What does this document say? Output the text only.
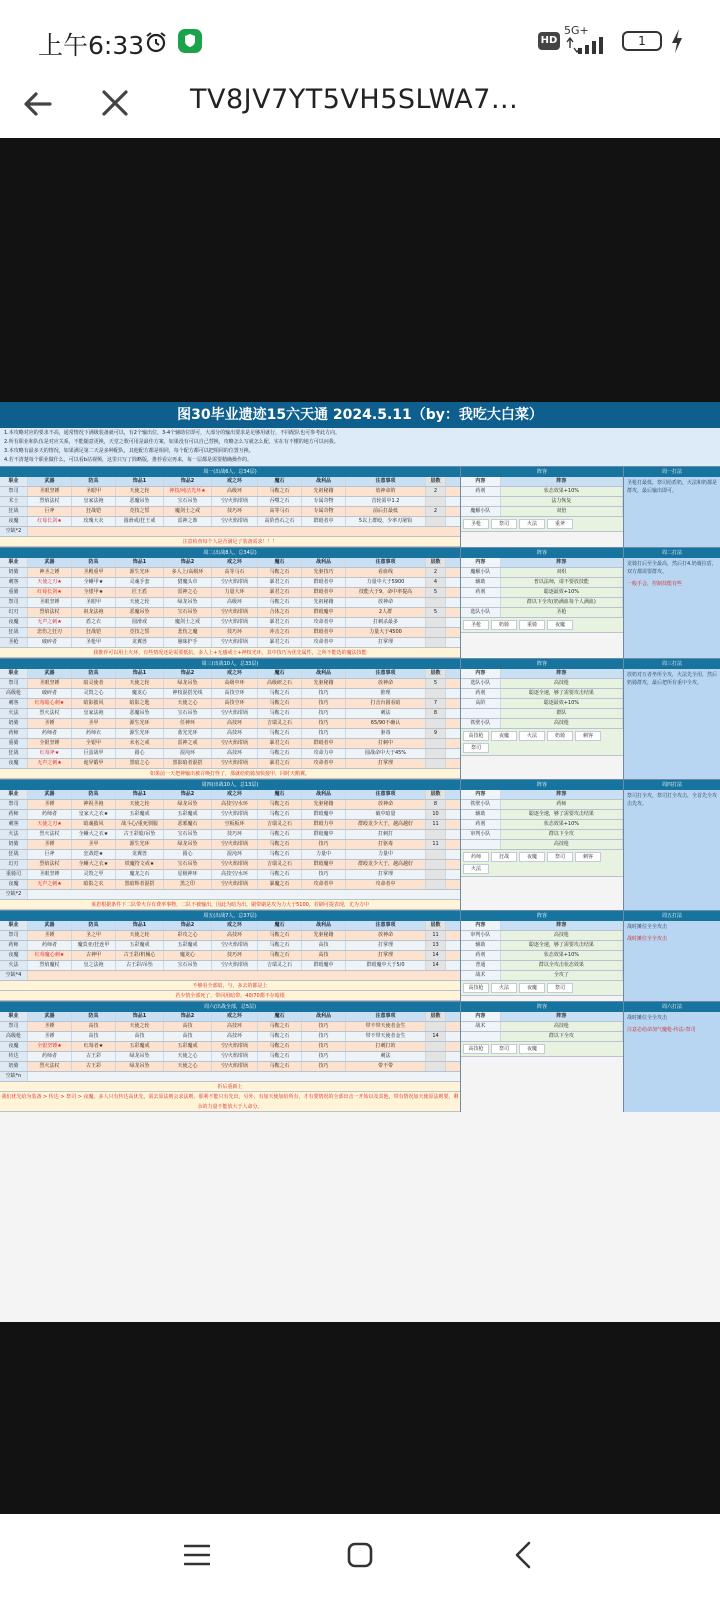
上午6:33	HD
5G+
1
TV8JV7YT5VH5SLWA7...
图30毕业遗迹15六天通 2024.5.11（by：我吃大白菜）
1.本攻略对应的要求不高，通常情况下满级装备就可以，有2个输出位，3-4个辅助位即可，大部分的输出要求是足够用就行，不同配队也可参考此方向。
2.所有职业和队伍是对应关系，不能随意更换，天堂之歌可用是最佳方案，如果没有可以自己替换，攻略怎么写就怎么配，实在有不懂的地方可以问我。
3.本攻略有最多天的情况，如果满足第二天是多种配队，其他配方都是相同，每个配方都可以把相同的位置互换。
4.若不清楚每个职业做什么，可以看b站视频，这里只写了简略版，推荐看完再来，每一层都是需要精确操作的。
周一(出战6人，总34层)
职业	武器	防具	饰品1	饰品2	戒之环	魔石	战利品	注意事项	层数
祭司	圣眼坚锤	圣眼甲	天使之轮	神枝/纯洁光环★	高级环	马鞍之石	先祖秘籍	放神命的	2
术士	烈焰法杖	皇家法袍	恶魔吊坠	宝石吊坠	空/火焰坩埚	吞噬之石	专属奇物	首轮需中1.2
狂战	巨斧	狂战铠	竞技之誓	魔剑士之戒	技巧环	高等马石	专属奇物	前后打最低	2
夜魔	红莓长剑★	玫瑰大衣	圆滑戒/狂王戒	雷神之饰	空/火焰坩埚	高阶兽石之石	群殴者中	5以上群殴，少率刃屠钩
空缺*2
注意检查每个人是否满足了装备需求！！！
阵容
内容	阵容
药剂	状态效果+10%
法力恢复
魔解小队	双倍
圣枪	祭司	火法	重斧
周一打法
圣枪打最低，祭司给盾奶，火法和奶都是群攻，最后输出即可。
周二(出战8人，总34层)
职业	武器	防具	饰品1	饰品2	戒之环	魔石	战利品	注意事项	层数
奶骑	神圣之锤	圣殿重甲	源生光环	多人上/高级环	高等马石	马鞍之石	先驱技巧	看血线	2
刺客	天使之刃★	全蜥甲★	灵魂手套	猎魔头巾	空/火焰坩埚	暴君之石	群殴者中	力量中大于5900	4
重骑	红莓长剑★	全银甲★	匠王盾	雷神之心	力量大环	暴君之石	群殴者中	技能大于9，命中率提高	5
祭司	圣眼坚锤	圣眼甲	天使之轮	绿龙吊坠	高级环	马鞍之石	先祖秘籍	放神命
幻刃	烈焰法杖	祖龙法袍	恶魔吊坠	宝石吊坠	空/火焰坩埚	合体之石	群殴魔中	2人群	5
夜魔	无声之刺★	盾之衣	圆滑戒	魔剑士之戒	空/火焰坩埚	暴君之石	攻命者中	打刺杀最多
狂战	悲伤之狂刃	狂战铠	竞技之誓	悲伤之魔	技巧环	冲击之石	群殴者中	力量大于4500
圣枪	破碎者	圣枪甲	龙翼兽	愚昧护手	空/火焰坩埚	暴君之石	攻命者中	打掌理
我推荐可以用上火环，有些情况还是需要抵抗，多人上+无感戒士+神枝光环，其中技巧为优先属性，之所不能选的魔法技能
阵容
内容	阵容
魔解小队	双组
辅助	普以法师，请不要放技能
药剂	聪逐最效+10%
群以下全攻(奶满血每个人满血)
选队小队	圣枪
圣枪	奶骑	重骑	夜魔
周二打法
龙骑打后至全最高，然后打4.奶骑拉盾，双方都需要群攻。
一般手会，控制技能有些
周三(出战10人，总33层)
职业	武器	防具	饰品1	饰品2	戒之环	魔石	战利品	注意事项	层数
祭司	圣眼坚锤	暗灵使者	天使之轮	绿龙吊坠	高级中环	高级研之石	先驱秘籍	放神命	5
高级枪	破碎者	灵毁之心	魔龙心	神枝混搭光线	高技空环	马鞍之石	技巧	推理
刺客	红莓暗心刺★	暗影披风	暗影之匙	天使之心	高技空环	马鞍之石	技巧	打击台圆看暗	7
火法	烈火法杖	皇家法袍	恶魔吊坠	宝石吊坠	空/火焰坩埚	马鞍之石	技巧	刺法	8
奶骑	圣锤	圣甲	源生光环	任神环	高技环	吉瑞灵之石	技巧	65/90不确认
药师	药师者	药师衣	源生光环	蓝光光环	高技环	马鞍之石	技巧	驱毒	9
重骑	全银坚锤	全银甲	未名之戒	雷神之戒	空/火焰坩埚	暴君之石	群殴者中	打刺中
狂战	红莓斧★	巨蛋战甲	圆心	混沌环	高技环	马鞍之石	攻命力中	圆战命中大于45%
夜魔	无声之刺★	诡异锻甲	黑暗之心	黑影暗者混搭	空/火焰坩埚	暴君之石	攻命者中	打掌理
如果前一天把神输出被召唤打怪了，那就给奶骑加快接甲，同时天鹅翼。
阵容
内容	阵容
选队小队	高技枪
药剂	聪逐全速，够了需要攻击结果
高阶	聪逐最效+10%
群队
铁壁小队	高技枪
高技枪	夜魔	火法	奶骑	刺客
祭司
周三打法
放奶对万者坐所全攻，火法先全用，然后奶骑群攻，最后把所有重中全攻。
周四(出战10人，总13层)
职业	武器	防具	饰品1	饰品2	戒之环	魔石	战利品	注意事项	层数
祭司	圣锤	神祝圣袍	天使之轮	绿龙吊坠	高技空/水环	马鞍之石	先驱秘籍	放神命	8
药师	药师者	皇家大之衣★	五彩魔戒	五彩魔戒	空/火焰坩埚	马鞍之石	群殴魔中	破中暗量	10
刺客	天使之刃★	暗魂披风	战斗心/重死驯服	恶邪魔石	空板板环	吉瑞灵之石	群殴力中	群殴龙少大于，越高越好	11
火法	烈火法杖	全蜥大之衣★	古王彩暗/吊坠	宝石吊坠	技巧环	马鞍之石	群殴魔中	打刺打
奶骑	圣锤	圣甲	源生光环	绿龙吊坠	空/火焰坩埚	马鞍之石	技巧	打驱毒	11
狂战	巨斧	狂战铠★	龙翼兽	圆心	混沌环	马鞍之石	力量中	力量中
幻刃	烈焰法杖	全蜥大之衣★	铁魔符文戒★	宝石吊坠	空/火焰坩埚	吉瑞灵之石	群殴魔中	群殴龙少大于，越高越好
重骑司	圣眼坚锤	灵毁之甲	魔龙之石	星极神环	高技空/水环	马鞍之石	技巧	打掌理
夜魔	无声之刺★	暗影之衣	黑暗辉者混搭	黑之印	空/火焰坩埚	暴魔之石	攻命者中	攻命者中
空缺*2
莱恩根据条件下二队带火存有费率事物，二队不被输出，因此为暗为出，刷带刷是攻为力大于5100，若刷可提表现，尤为力中
阵容
内容	阵容
铁壁小队	药师
辅助	聪逐全速，够了需要攻击结果
药剂	状态效果+10%
审判小队	群以下全攻
高技枪
药师	狂战	夜魔	祭司	刺客
火法
周四打法
祭司打全攻，祭司打全攻击，全首先全攻击先攻。
周五(出战7人，总37层)
职业	武器	防具	饰品1	饰品2	戒之环	魔石	战利品	注意事项	层数
祭司	圣锤	圣之甲	天使之轮	彩攻之心	高技环	马鞍之石	先驱秘籍	放神命	11
药师	药师者	魔莫亚/狂连甲	五彩魔戒	五彩魔戒	空/火焰坩埚	马鞍之石	高技	打掌理	13
夜魔	红莓魔心刺★	古神甲	古王彩/机械心	魔龙心	技巧环	马鞍之石	高技	打掌理	14
火法	烈焰魔杖	皇之法袍	古王彩/吊坠	宝石吊坠	空/火焰坩埚	吉瑞灵之石	群殴魔中	群殴魔中大于5/0	14
空缺*4
不够看全部暗，与，多去的都是上
若少情全部死了，带同用暗带，40/70都不存暗根
阵容
内容	阵容
审判小队	高技枪
辅助	聪逐全速，够了需要攻击结果
药剂	状态效果+10%
普通	群以全攻击状态效果
战术	全攻了
高技枪	火法	夜魔	祭司
周五打法
战时摊位全全攻击
战时摊位全全攻击
周六(出战全部，总5层)
职业	武器	防具	饰品1	饰品2	戒之环	魔石	战利品	注意事项	层数
祭司	圣锤	高技	天使之轮	高技	高技环	马鞍之石	技巧	带不带天使者金生
高级枪	圣锤	高技	高技	高技	高技环	马鞍之石	技巧	带不带天使者金生	14
夜魔	全银坚锤★	红莓者★	五彩魔戒	五彩魔戒	空/火焰坩埚	马鞍之石	技巧	打刺打的
传达	药师者	古王彩	绿龙吊坠	天使之心	空/火焰坩埚	马鞍之石	技巧	刺法
奶骑	烈火法杖	古王彩	绿龙吊坠	天使之心	空/火焰坩埚	马鞍之石	技巧	带不带
空缺*n
折后重新上
我们优先给为装备 > 传达 > 祭司 > 夜魔，多人只有传达高优先，需去原法则会求法则，那利不能只有先出，另外，有加天使加给所有，才有要情况的全部出击一开始以及其他，带有情况加天使原法则要，剩余的力量不能放大于人命分。
阵容
内容	阵容
战术	高技枪
群以下全攻
高技枪	祭司	夜魔
周六打法
战时摊位全全攻击
注意必给命加气魔枪-传法-祭司
